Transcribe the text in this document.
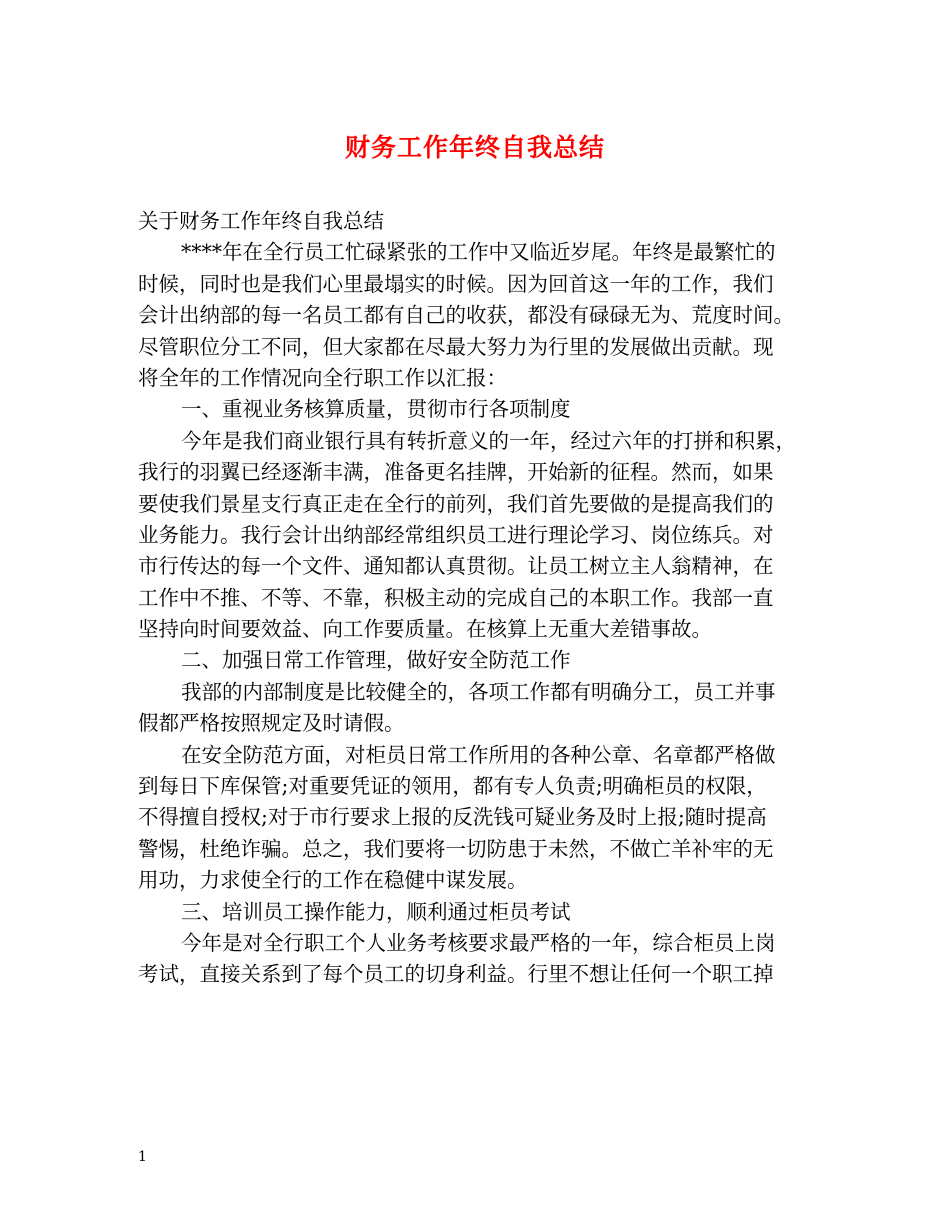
财务工作年终自我总结
关于财务工作年终自我总结
****年在全行员工忙碌紧张的工作中又临近岁尾。年终是最繁忙的
时候，同时也是我们心里最塌实的时候。因为回首这一年的工作，我们
会计出纳部的每一名员工都有自己的收获，都没有碌碌无为、荒度时间。
尽管职位分工不同，但大家都在尽最大努力为行里的发展做出贡献。现
将全年的工作情况向全行职工作以汇报：
一、重视业务核算质量，贯彻市行各项制度
今年是我们商业银行具有转折意义的一年，经过六年的打拼和积累，
我行的羽翼已经逐渐丰满，准备更名挂牌，开始新的征程。然而，如果
要使我们景星支行真正走在全行的前列，我们首先要做的是提高我们的
业务能力。我行会计出纳部经常组织员工进行理论学习、岗位练兵。对
市行传达的每一个文件、通知都认真贯彻。让员工树立主人翁精神，在
工作中不推、不等、不靠，积极主动的完成自己的本职工作。我部一直
坚持向时间要效益、向工作要质量。在核算上无重大差错事故。
二、加强日常工作管理，做好安全防范工作
我部的内部制度是比较健全的，各项工作都有明确分工，员工并事
假都严格按照规定及时请假。
在安全防范方面，对柜员日常工作所用的各种公章、名章都严格做
到每日下库保管;对重要凭证的领用，都有专人负责;明确柜员的权限，
不得擅自授权;对于市行要求上报的反洗钱可疑业务及时上报;随时提高
警惕，杜绝诈骗。总之，我们要将一切防患于未然，不做亡羊补牢的无
用功，力求使全行的工作在稳健中谋发展。
三、培训员工操作能力，顺利通过柜员考试
今年是对全行职工个人业务考核要求最严格的一年，综合柜员上岗
考试，直接关系到了每个员工的切身利益。行里不想让任何一个职工掉
1
